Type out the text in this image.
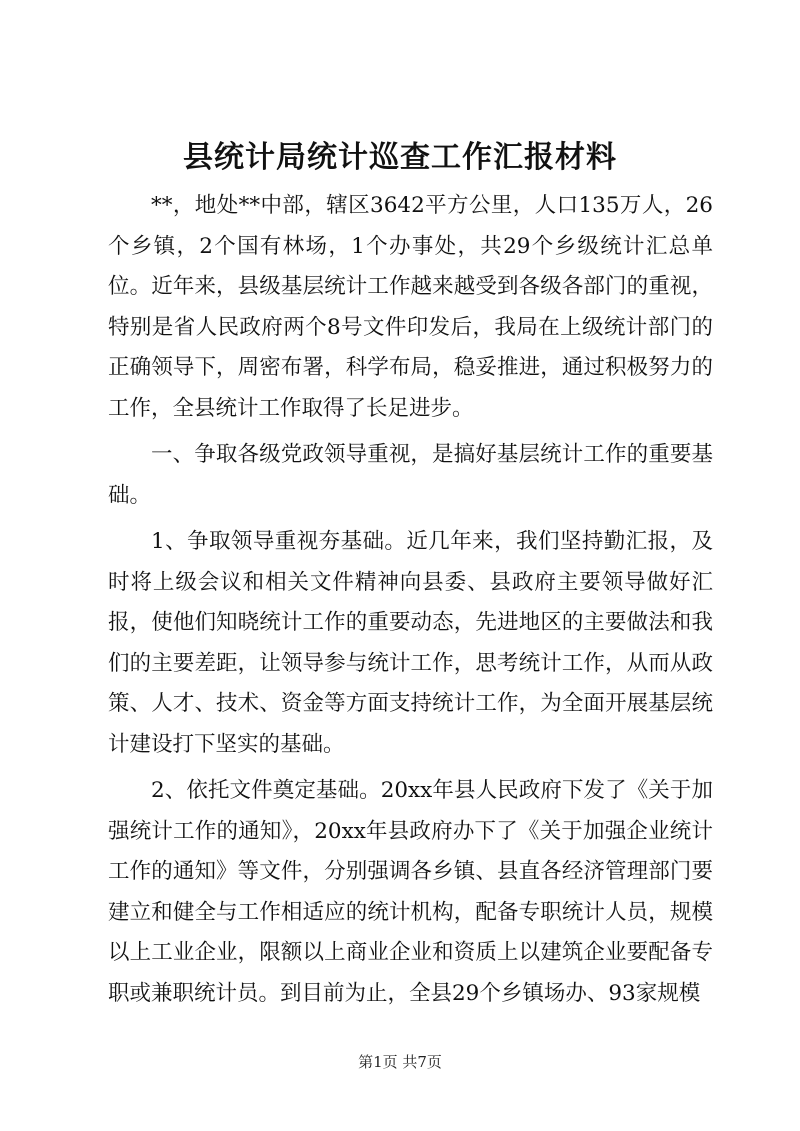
县统计局统计巡查工作汇报材料

**，地处**中部，辖区3642平方公里，人口135万人，26个乡镇，2个国有林场，1个办事处，共29个乡级统计汇总单位。近年来，县级基层统计工作越来越受到各级各部门的重视，特别是省人民政府两个8号文件印发后，我局在上级统计部门的正确领导下，周密布署，科学布局，稳妥推进，通过积极努力的工作，全县统计工作取得了长足进步。

一、争取各级党政领导重视，是搞好基层统计工作的重要基础。

1、争取领导重视夯基础。近几年来，我们坚持勤汇报，及时将上级会议和相关文件精神向县委、县政府主要领导做好汇报，使他们知晓统计工作的重要动态，先进地区的主要做法和我们的主要差距，让领导参与统计工作，思考统计工作，从而从政策、人才、技术、资金等方面支持统计工作，为全面开展基层统计建设打下坚实的基础。

2、依托文件奠定基础。20xx年县人民政府下发了《关于加强统计工作的通知》，20xx年县政府办下了《关于加强企业统计工作的通知》等文件，分别强调各乡镇、县直各经济管理部门要建立和健全与工作相适应的统计机构，配备专职统计人员，规模以上工业企业，限额以上商业企业和资质上以建筑企业要配备专职或兼职统计员。到目前为止，全县29个乡镇场办、93家规模

第1页 共7页
